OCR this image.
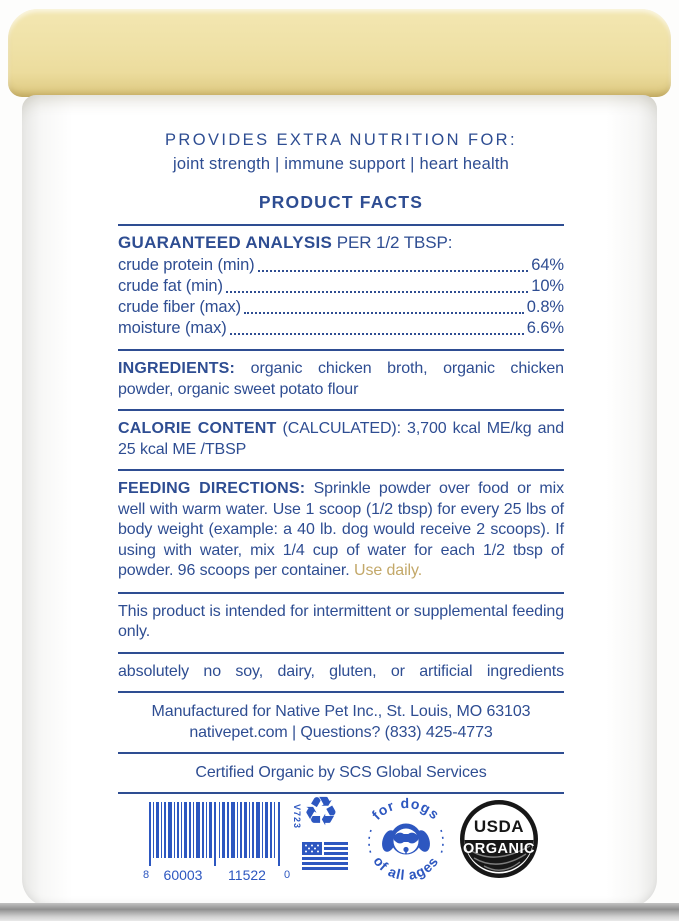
PROVIDES EXTRA NUTRITION FOR:
joint strength | immune support | heart health
PRODUCT FACTS
GUARANTEED ANALYSIS PER 1/2 TBSP:
crude protein (min)	64%
crude fat (min)	10%
crude fiber (max)	0.8%
moisture (max)	6.6%

INGREDIENTS: organic chicken broth, organic chicken powder, organic sweet potato flour

CALORIE CONTENT (CALCULATED): 3,700 kcal ME/kg and 25 kcal ME /TBSP

FEEDING DIRECTIONS: Sprinkle powder over food or mix well with warm water. Use 1 scoop (1/2 tbsp) for every 25 lbs of body weight (example: a 40 lb. dog would receive 2 scoops). If using with water, mix 1/4 cup of water for each 1/2 tbsp of powder. 96 scoops per container. Use daily.

This product is intended for intermittent or supplemental feeding only.

absolutely no soy, dairy, gluten, or artificial ingredients

Manufactured for Native Pet Inc., St. Louis, MO 63103
nativepet.com | Questions? (833) 425-4773
Certified Organic by SCS Global Services
8 60003 11522 0
V723 ♻ for dogs
of all ages
USDA
ORGANIC
